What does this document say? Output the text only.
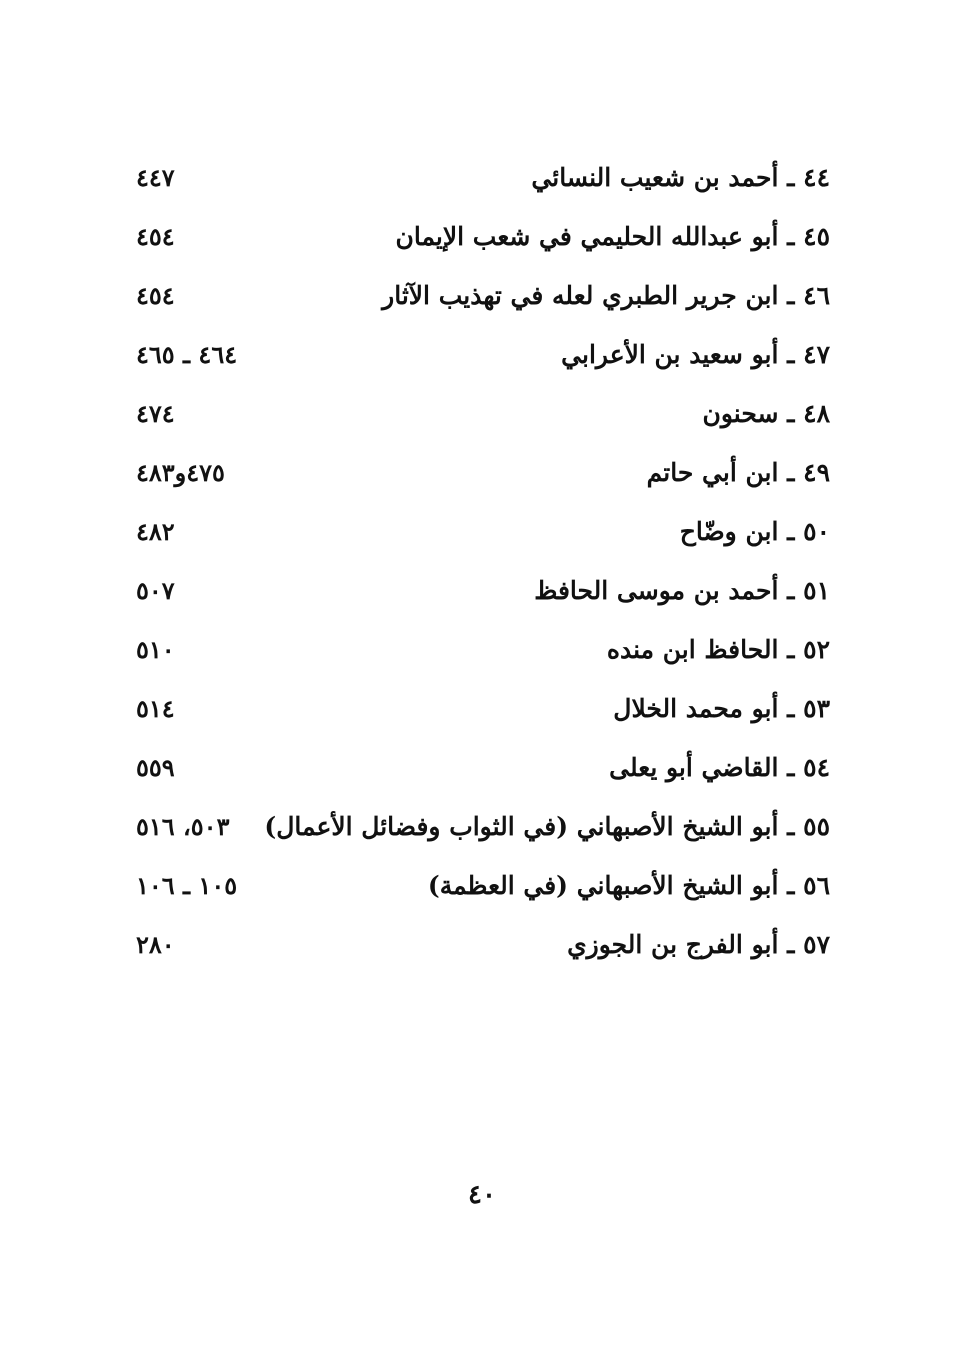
٤٤ ـ أحمد بن شعيب النسائي
٤٤٧
٤٥ ـ أبو عبدالله الحليمي في شعب الإيمان
٤٥٤
٤٦ ـ ابن جرير الطبري لعله في تهذيب الآثار
٤٥٤
٤٧ ـ أبو سعيد بن الأعرابي
٤٦٤ ـ ٤٦٥
٤٨ ـ سحنون
٤٧٤
٤٩ ـ ابن أبي حاتم
٤٧٥و٤٨٣
٥٠ ـ ابن وضّاح
٤٨٢
٥١ ـ أحمد بن موسى الحافظ
٥٠٧
٥٢ ـ الحافظ ابن منده
٥١٠
٥٣ ـ أبو محمد الخلال
٥١٤
٥٤ ـ القاضي أبو يعلى
٥٥٩
٥٥ ـ أبو الشيخ الأصبهاني (في الثواب وفضائل الأعمال)
٥٠٣، ٥١٦
٥٦ ـ أبو الشيخ الأصبهاني (في العظمة)
١٠٥ ـ ١٠٦
٥٧ ـ أبو الفرج بن الجوزي
٢٨٠
٤٠
